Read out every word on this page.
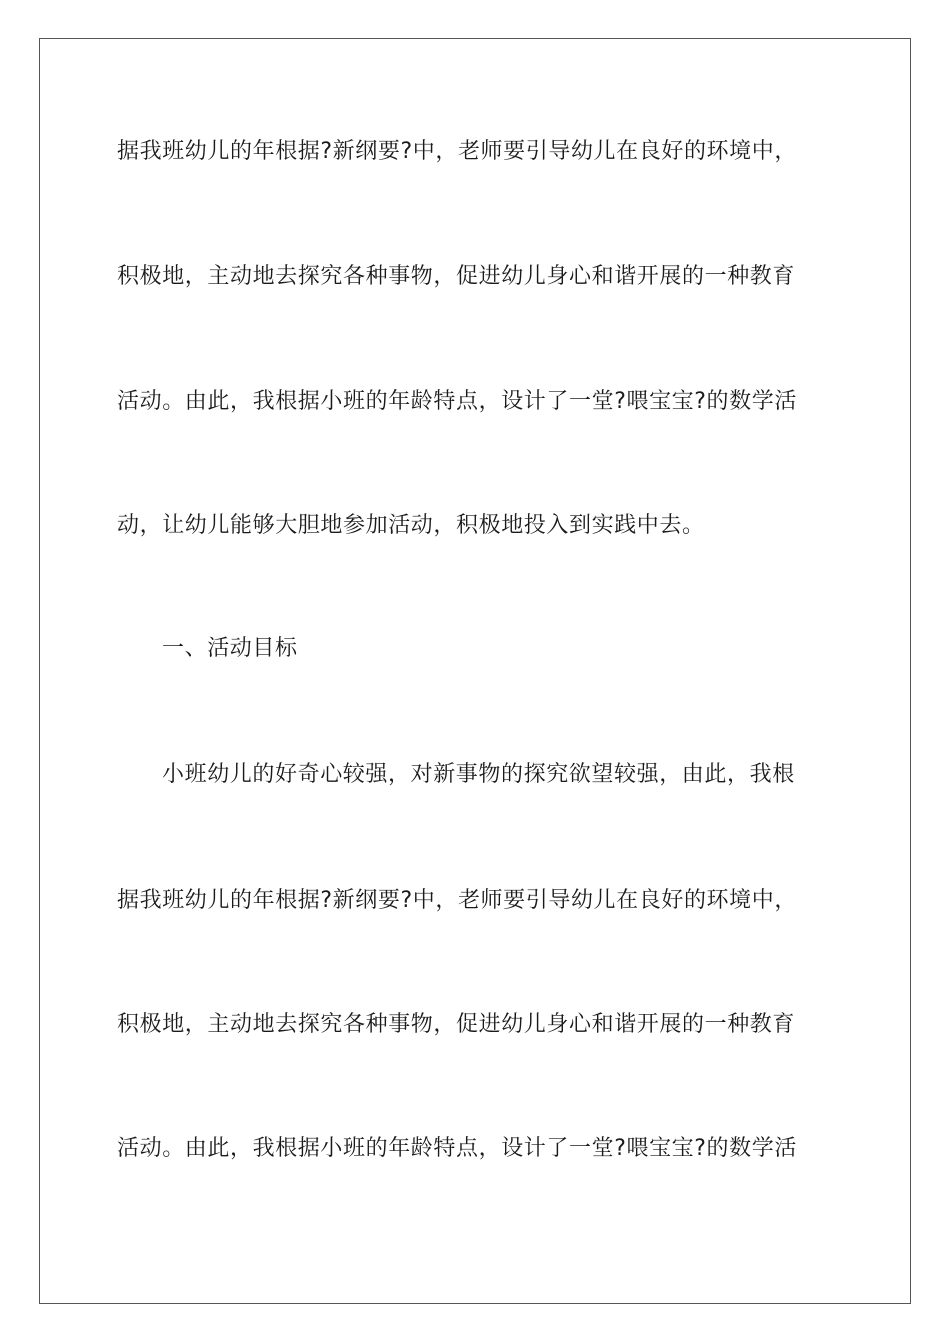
据我班幼儿的年根据?新纲要?中，老师要引导幼儿在良好的环境中，
积极地，主动地去探究各种事物，促进幼儿身心和谐开展的一种教育
活动。由此，我根据小班的年龄特点，设计了一堂?喂宝宝?的数学活
动，让幼儿能够大胆地参加活动，积极地投入到实践中去。
一、活动目标
小班幼儿的好奇心较强，对新事物的探究欲望较强，由此，我根
据我班幼儿的年根据?新纲要?中，老师要引导幼儿在良好的环境中，
积极地，主动地去探究各种事物，促进幼儿身心和谐开展的一种教育
活动。由此，我根据小班的年龄特点，设计了一堂?喂宝宝?的数学活
